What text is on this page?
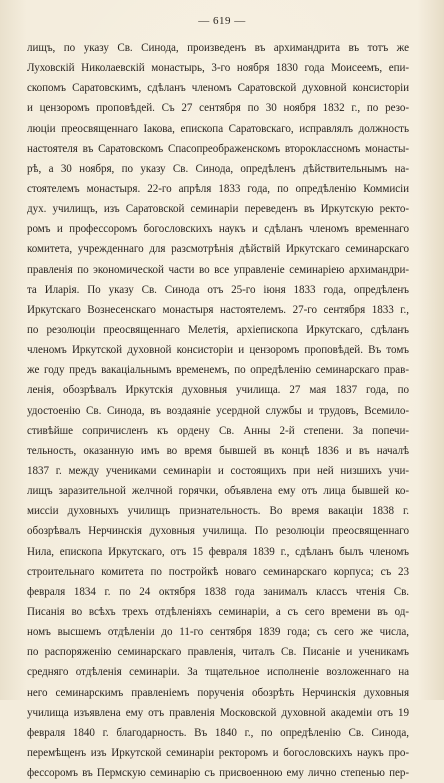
— 619 —
лищъ, по указу Св. Синода, произведенъ въ архимандрита въ тотъ же
Луховскій Николаевскій монастырь, 3-го ноября 1830 года Моисеемъ, епи-
скопомъ Саратовскимъ, сдѣланъ членомъ Саратовской духовной консисторіи
и цензоромъ проповѣдей. Съ 27 сентября по 30 ноября 1832 г., по резо-
люціи преосвященнаго Іакова, епископа Саратовскаго, исправлялъ должность
настоятеля въ Саратовскомъ Спасопреображенскомъ второклассномъ монасты-
рѣ, а 30 ноября, по указу Св. Синода, опредѣленъ дѣйствительнымъ на-
стоятелемъ монастыря. 22-го апрѣля 1833 года, по опредѣленію Коммисіи
дух. училищъ, изъ Саратовской семинаріи переведенъ въ Иркутскую ректо-
ромъ и профессоромъ богословскихъ наукъ и сдѣланъ членомъ временнаго
комитета, учрежденнаго для разсмотрѣнія дѣйствій Иркутскаго семинарскаго
правленія по экономической части во все управленіе семинаріею архимандри-
та Иларія. По указу Св. Синода отъ 25-го іюня 1833 года, опредѣленъ
Иркутскаго Вознесенскаго монастыря настоятелемъ. 27-го сентября 1833 г.,
по резолюціи преосвященнаго Мелетія, архіепископа Иркутскаго, сдѣланъ
членомъ Иркутской духовной консисторіи и цензоромъ проповѣдей. Въ томъ
же году предъ вакаціальнымъ временемъ, по опредѣленію семинарскаго прав-
ленія, обозрѣвалъ Иркутскія духовныя училища. 27 мая 1837 года, по
удостоенію Св. Синода, въ воздаяніе усердной службы и трудовъ, Всемило-
стивѣйше сопричисленъ къ ордену Св. Анны 2-й степени. За попечи-
тельность, оказанную имъ во время бывшей въ концѣ 1836 и въ началѣ
1837 г. между учениками семинаріи и состоящихъ при ней низшихъ учи-
лищъ заразительной желчной горячки, объявлена ему отъ лица бывшей ко-
миссіи духовныхъ училищъ признательность. Во время вакаціи 1838 г.
обозрѣвалъ Нерчинскія духовныя училища. По резолюціи преосвященнаго
Нила, епископа Иркутскаго, отъ 15 февраля 1839 г., сдѣланъ былъ членомъ
строительнаго комитета по постройкѣ новаго семинарскаго корпуса; съ 23
февраля 1834 г. по 24 октября 1838 года занималъ классъ чтенія Св.
Писанія во всѣхъ трехъ отдѣленіяхъ семинаріи, а съ сего времени въ од-
номъ высшемъ отдѣленіи до 11-го сентября 1839 года; съ сего же числа,
по распоряженію семинарскаго правленія, читалъ Св. Писаніе и ученикамъ
средняго отдѣленія семинаріи. За тщательное исполненіе возложеннаго на
него семинарскимъ правленіемъ порученія обозрѣть Нерчинскія духовныя
училища изъявлена ему отъ правленія Московской духовной академіи отъ 19
февраля 1840 г. благодарность. Въ 1840 г., по опредѣленію Св. Синода,
перемѣщенъ изъ Иркутской семинаріи ректоромъ и богословскихъ наукъ про-
фессоромъ въ Пермскую семинарію съ присвоенною ему лично степенью пер-
